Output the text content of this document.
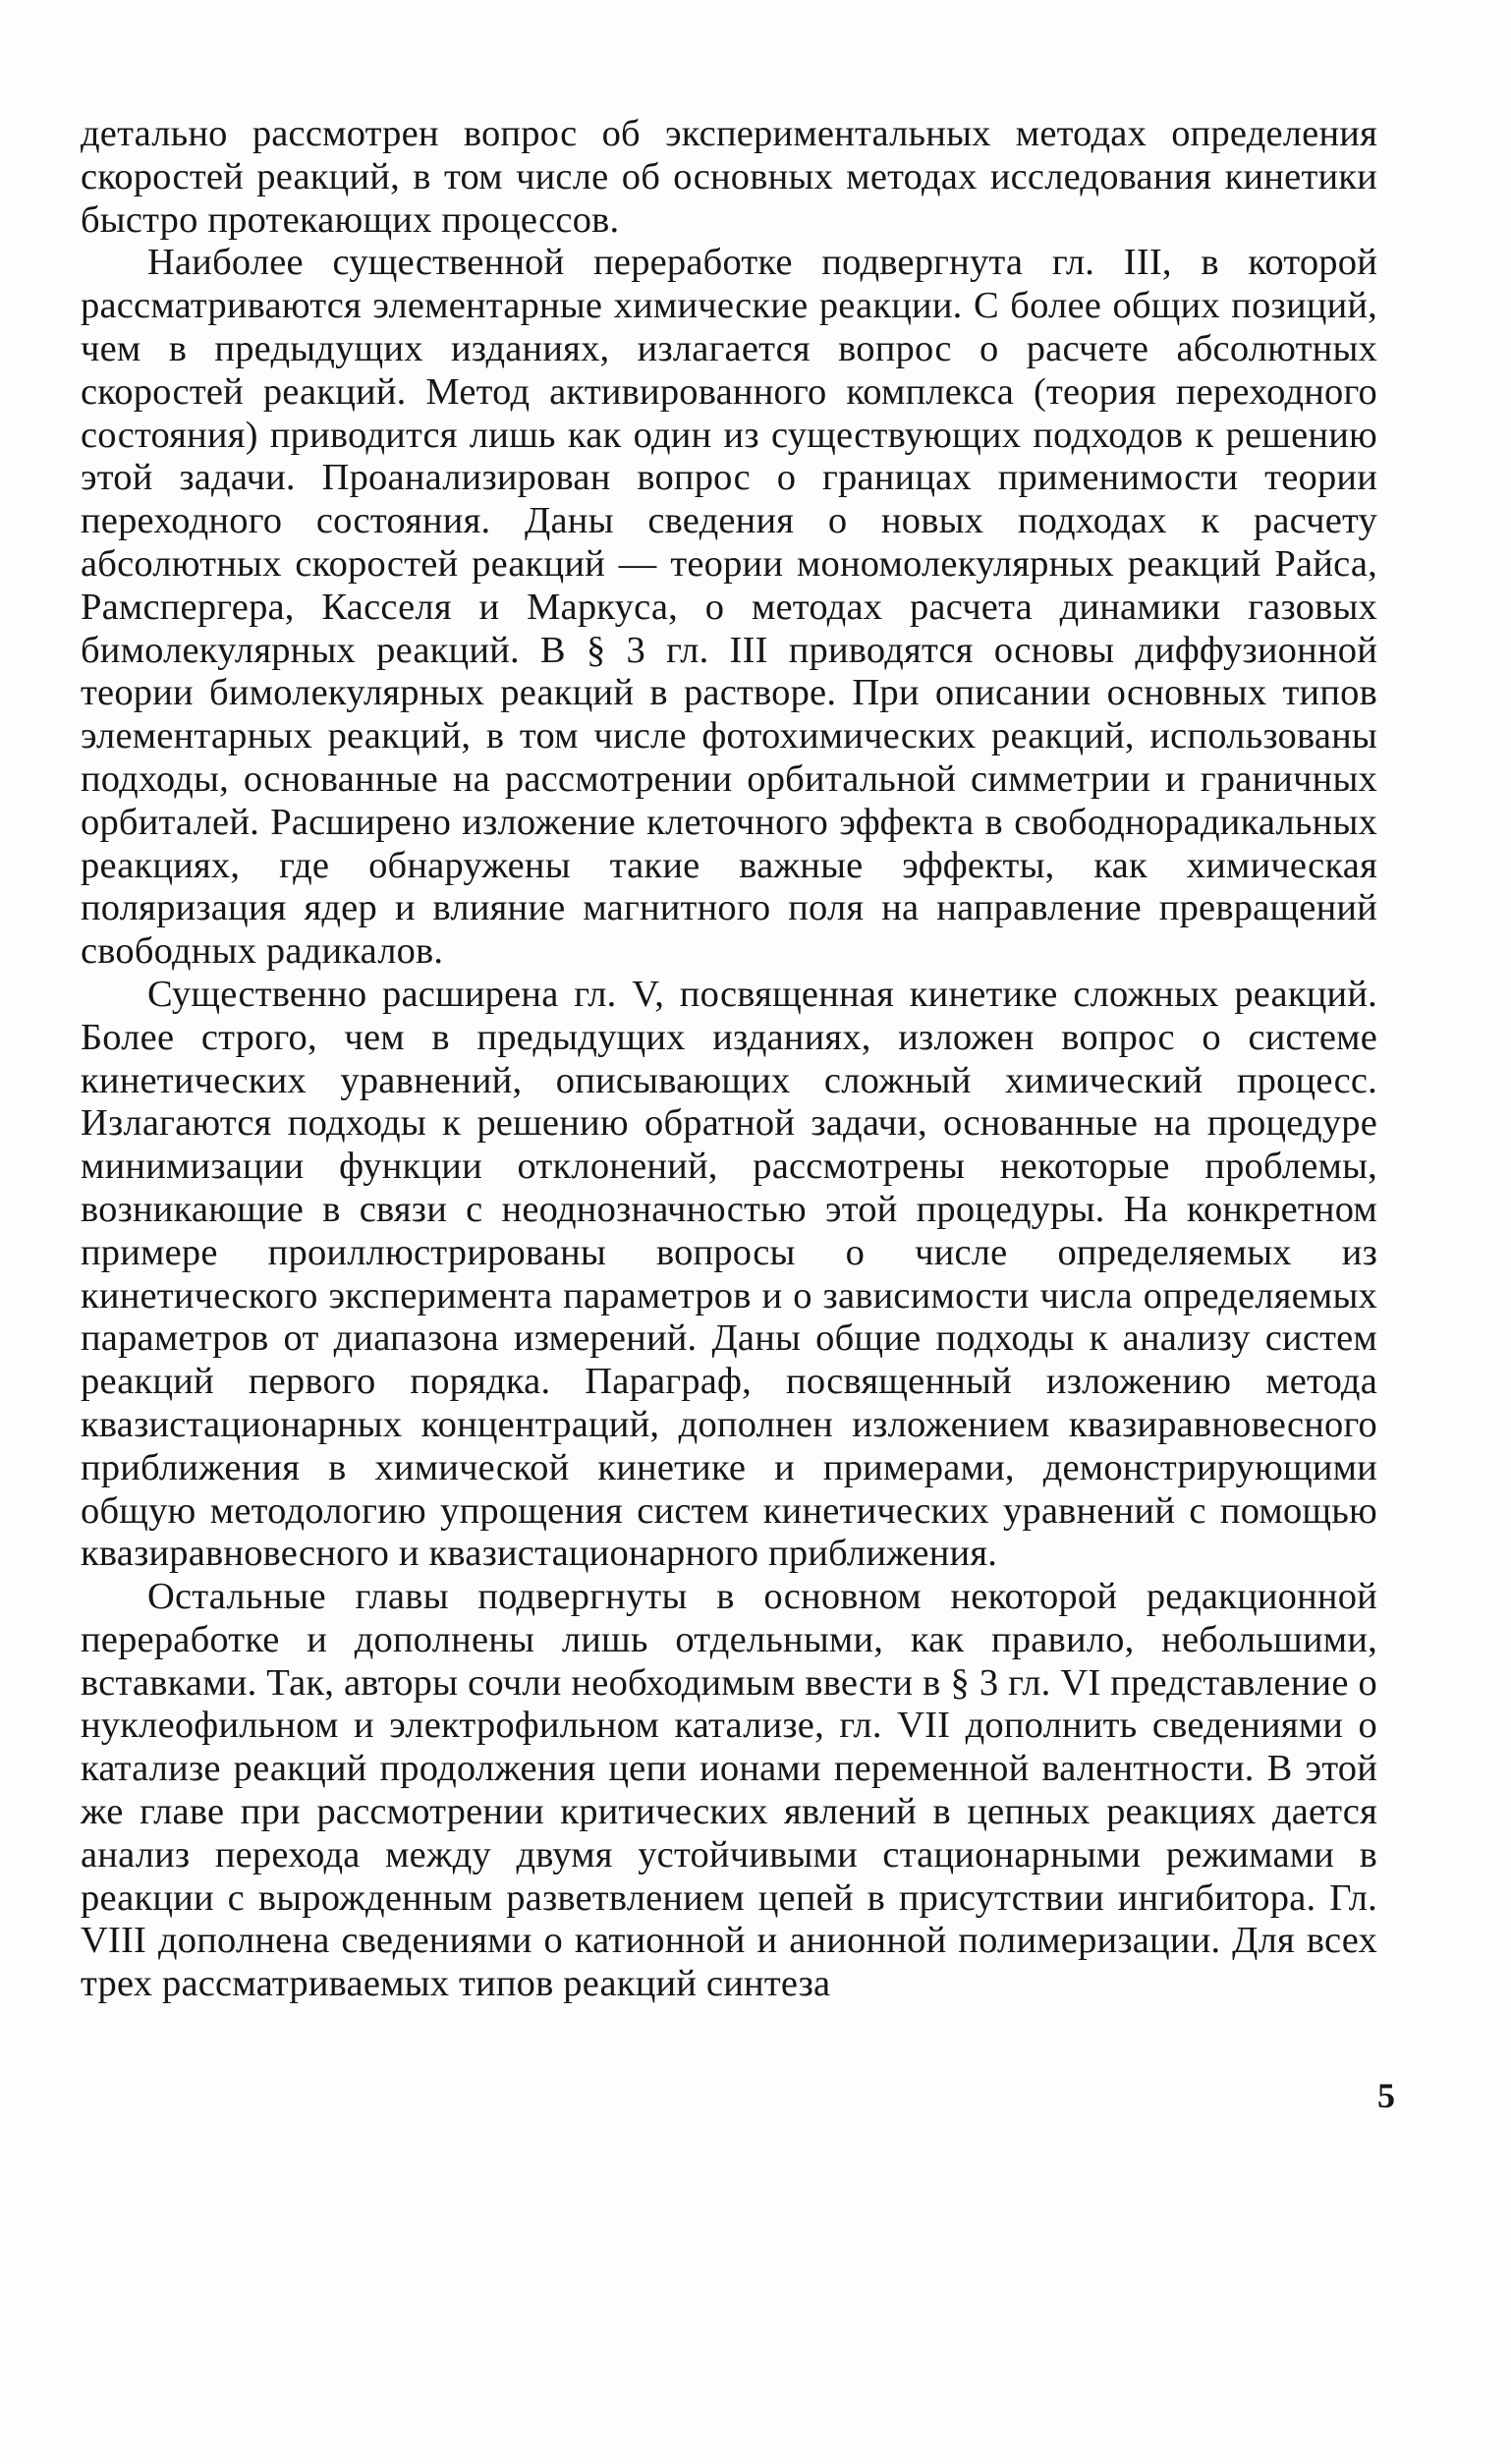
детально рассмотрен вопрос об экспериментальных методах определения скоростей реакций, в том числе об основных методах исследования кинетики быстро протекающих процессов.

Наиболее существенной переработке подвергнута гл. III, в которой рассматриваются элементарные химические реакции. С более общих позиций, чем в предыдущих изданиях, излагается вопрос о расчете абсолютных скоростей реакций. Метод активированного комплекса (теория переходного состояния) приводится лишь как один из существующих подходов к решению этой задачи. Проанализирован вопрос о границах применимости теории переходного состояния. Даны сведения о новых подходах к расчету абсолютных скоростей реакций — теории мономолекулярных реакций Райса, Рамспергера, Касселя и Маркуса, о методах расчета динамики газовых бимолекулярных реакций. В § 3 гл. III приводятся основы диффузионной теории бимолекулярных реакций в растворе. При описании основных типов элементарных реакций, в том числе фотохимических реакций, использованы подходы, основанные на рассмотрении орбитальной симметрии и граничных орбиталей. Расширено изложение клеточного эффекта в свободнорадикальных реакциях, где обнаружены такие важные эффекты, как химическая поляризация ядер и влияние магнитного поля на направление превращений свободных радикалов.

Существенно расширена гл. V, посвященная кинетике сложных реакций. Более строго, чем в предыдущих изданиях, изложен вопрос о системе кинетических уравнений, описывающих сложный химический процесс. Излагаются подходы к решению обратной задачи, основанные на процедуре минимизации функции отклонений, рассмотрены некоторые проблемы, возникающие в связи с неоднозначностью этой процедуры. На конкретном примере проиллюстрированы вопросы о числе определяемых из кинетического эксперимента параметров и о зависимости числа определяемых параметров от диапазона измерений. Даны общие подходы к анализу систем реакций первого порядка. Параграф, посвященный изложению метода квазистационарных концентраций, дополнен изложением квазиравновесного приближения в химической кинетике и примерами, демонстрирующими общую методологию упрощения систем кинетических уравнений с помощью квазиравновесного и квазистационарного приближения.

Остальные главы подвергнуты в основном некоторой редакционной переработке и дополнены лишь отдельными, как правило, небольшими, вставками. Так, авторы сочли необходимым ввести в § 3 гл. VI представление о нуклеофильном и электрофильном катализе, гл. VII дополнить сведениями о катализе реакций продолжения цепи ионами переменной валентности. В этой же главе при рассмотрении критических явлений в цепных реакциях дается анализ перехода между двумя устойчивыми стационарными режимами в реакции с вырожденным разветвлением цепей в присутствии ингибитора. Гл. VIII дополнена сведениями о катионной и анионной полимеризации. Для всех трех рассматриваемых типов реакций синтеза

5
